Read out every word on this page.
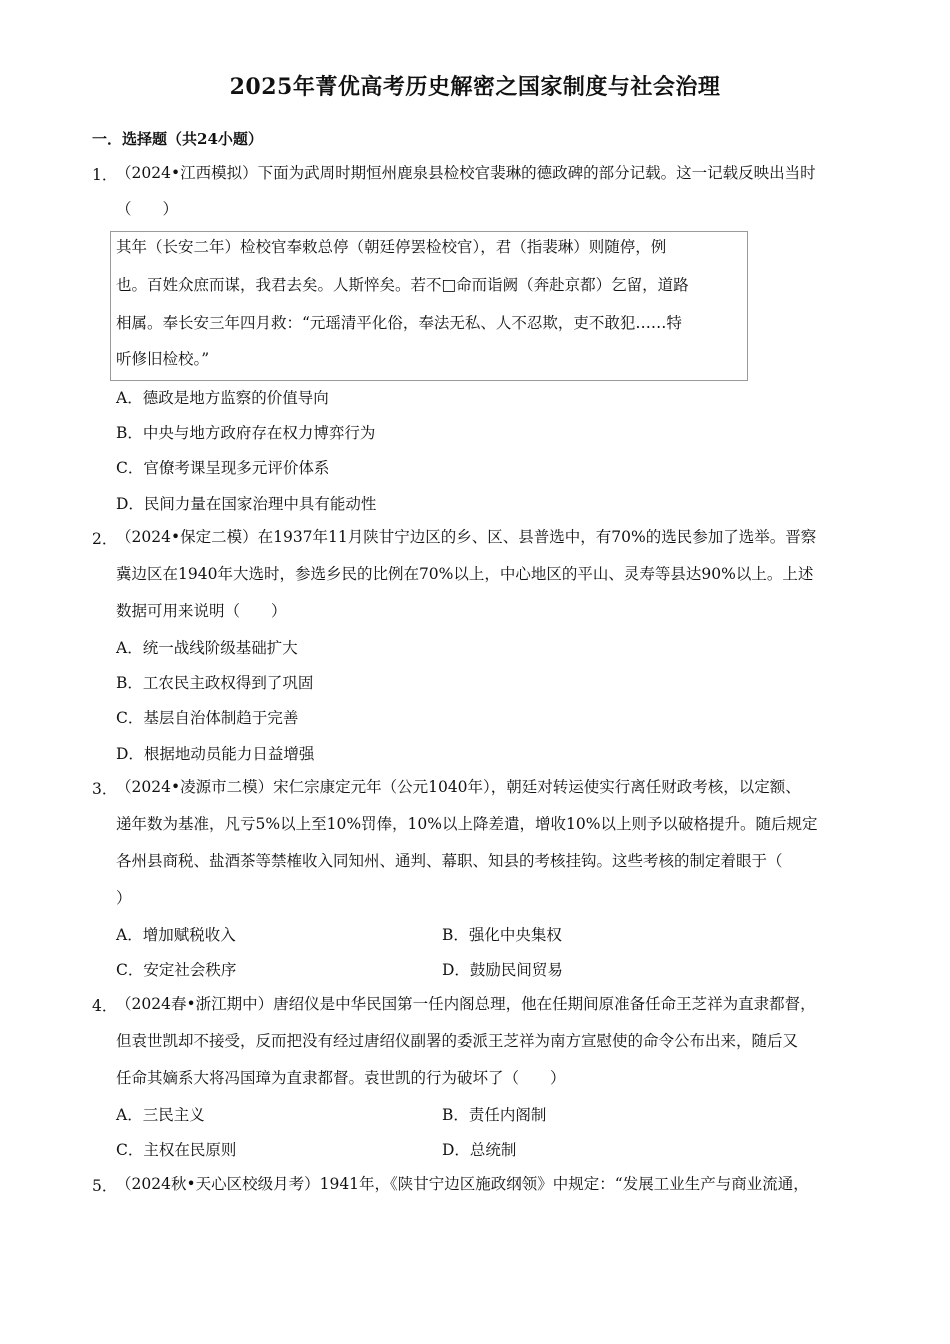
2025年菁优高考历史解密之国家制度与社会治理
一．选择题（共24小题）
1．
（2024•江西模拟）下面为武周时期恒州鹿泉县检校官裴琳的德政碑的部分记载。这一记载反映出当时
（　　）
其年（长安二年）检校官奉敕总停（朝廷停罢检校官），君（指裴琳）则随停，例
也。百姓众庶而谋，我君去矣。人斯悴矣。若不□命而诣阙（奔赴京都）乞留，道路
相属。奉长安三年四月救：“元瑶清平化俗，奉法无私、人不忍欺，吏不敢犯……特
听修旧检校。”
A．德政是地方监察的价值导向
B．中央与地方政府存在权力博弈行为
C．官僚考课呈现多元评价体系
D．民间力量在国家治理中具有能动性
2．
（2024•保定二模）在1937年11月陕甘宁边区的乡、区、县普选中，有70%的选民参加了选举。晋察
冀边区在1940年大选时，参选乡民的比例在70%以上，中心地区的平山、灵寿等县达90%以上。上述
数据可用来说明（　　）
A．统一战线阶级基础扩大
B．工农民主政权得到了巩固
C．基层自治体制趋于完善
D．根据地动员能力日益增强
3．
（2024•凌源市二模）宋仁宗康定元年（公元1040年），朝廷对转运使实行离任财政考核，以定额、
递年数为基准，凡亏5%以上至10%罚俸，10%以上降差遣，增收10%以上则予以破格提升。随后规定
各州县商税、盐酒茶等禁榷收入同知州、通判、幕职、知县的考核挂钩。这些考核的制定着眼于（
）
A．增加赋税收入	B．强化中央集权
C．安定社会秩序	D．鼓励民间贸易
4．
（2024春•浙江期中）唐绍仪是中华民国第一任内阁总理，他在任期间原准备任命王芝祥为直隶都督，
但袁世凯却不接受，反而把没有经过唐绍仪副署的委派王芝祥为南方宣慰使的命令公布出来，随后又
任命其嫡系大将冯国璋为直隶都督。袁世凯的行为破坏了（　　）
A．三民主义	B．责任内阁制
C．主权在民原则	D．总统制
5．
（2024秋•天心区校级月考）1941年，《陕甘宁边区施政纲领》中规定：“发展工业生产与商业流通，
